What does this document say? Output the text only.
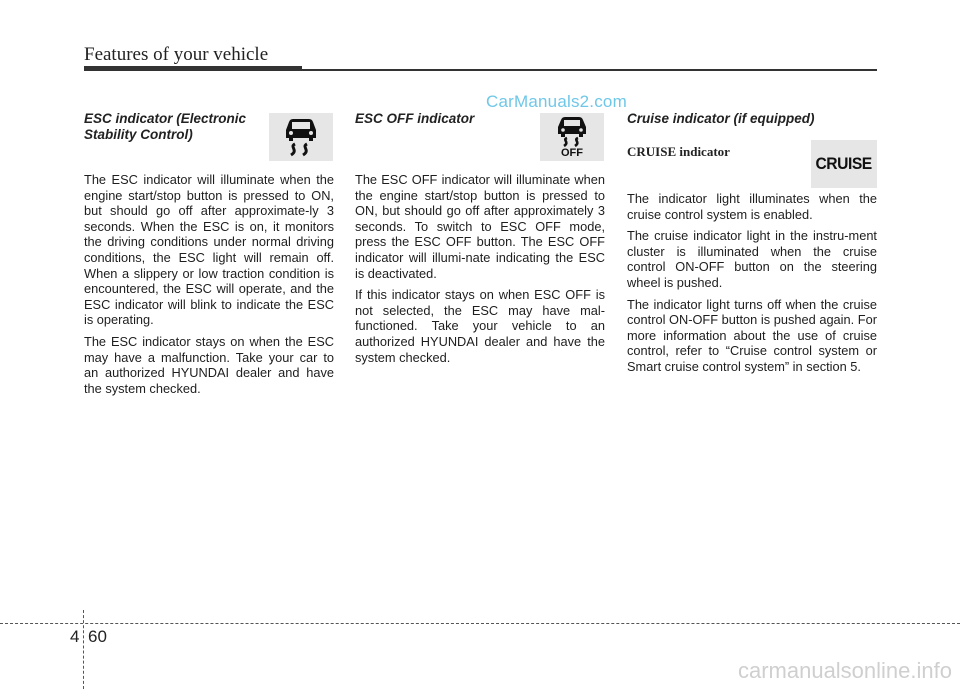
Features of your vehicle
CarManuals2.com

ESC indicator (Electronic Stability Control)

The ESC indicator will illuminate when the engine start/stop button is pressed to ON, but should go off after approximate-ly 3 seconds. When the ESC is on, it monitors the driving conditions under normal driving conditions, the ESC light will remain off. When a slippery or low traction condition is encountered, the ESC will operate, and the ESC indicator will blink to indicate the ESC is operating.

The ESC indicator stays on when the ESC may have a malfunction. Take your car to an authorized HYUNDAI dealer and have the system checked.

ESC OFF indicator

The ESC OFF indicator will illuminate when the engine start/stop button is pressed to ON, but should go off after approximately 3 seconds. To switch to ESC OFF mode, press the ESC OFF button. The ESC OFF indicator will illumi-nate indicating the ESC is deactivated.

If this indicator stays on when ESC OFF is not selected, the ESC may have mal-functioned. Take your vehicle to an authorized HYUNDAI dealer and have the system checked.

OFF

Cruise indicator (if equipped)

CRUISE indicator

The indicator light illuminates when the cruise control system is enabled.

The cruise indicator light in the instru-ment cluster is illuminated when the cruise control ON-OFF button on the steering wheel is pushed.

The indicator light turns off when the cruise control ON-OFF button is pushed again. For more information about the use of cruise control, refer to “Cruise control system or Smart cruise control system” in section 5.

CRUISE
4 60
carmanualsonline.info
